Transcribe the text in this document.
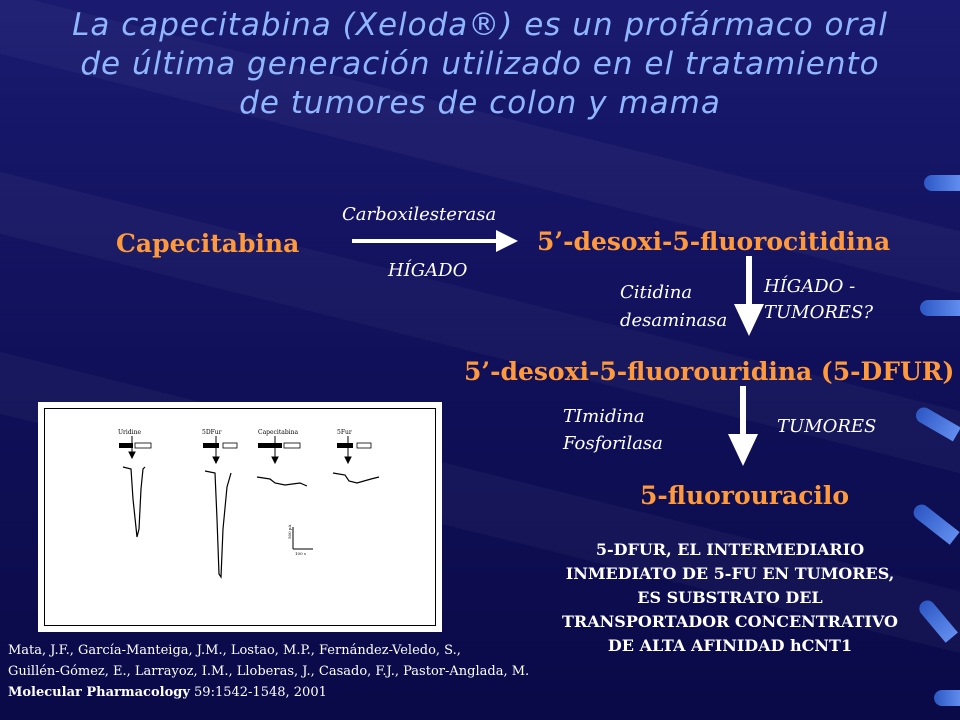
La capecitabina (Xeloda®) es un profármaco oral de última generación utilizado en el tratamiento de tumores de colon y mama
Capecitabina
Carboxilesterasa
HÍGADO
5’-desoxi-5-fluorocitidina
Citidina
desaminasa
HÍGADO -
TUMORES?
5’-desoxi-5-fluorouridina (5-DFUR)
TImidina
Fosforilasa
TUMORES
5-fluorouracilo
Uridine	5DFur	Capecitabina	5Fur
500 pA
100 s	5-DFUR, EL INTERMEDIARIO
INMEDIATO DE 5-FU EN TUMORES,
ES SUBSTRATO DEL
TRANSPORTADOR CONCENTRATIVO
DE ALTA AFINIDAD hCNT1
Mata, J.F., García-Manteiga, J.M., Lostao, M.P., Fernández-Veledo, S.,
Guillén-Gómez, E., Larrayoz, I.M., Lloberas, J., Casado, F.J., Pastor-Anglada, M.
Molecular Pharmacology 59:1542-1548, 2001
